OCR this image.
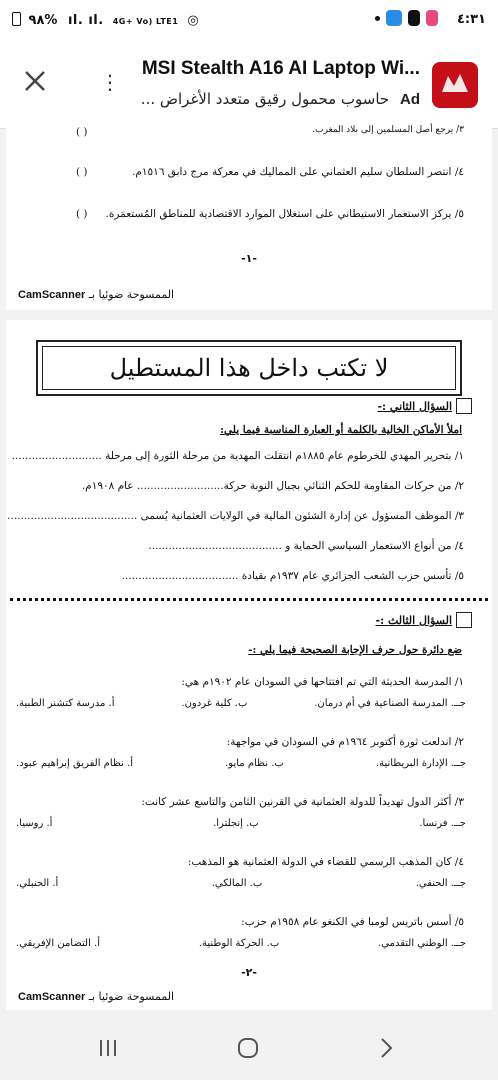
٩٨% ıl. ıl. 4G+ Vo) LTE1 ◎	٤:٣١
⋮
MSI Stealth A16 AI Laptop Wi...
Ad حاسوب محمول رقيق متعدد الأغراض ...
٣/ يرجع أصل المسلمين إلى بلاد المغرب.
( )
٤/ انتصر السلطان سليم العثماني على المماليك في معركة مرج دابق ١٥١٦م.
( )
٥/ يركز الاستعمار الاستيطاني على استغلال الموارد الاقتصادية للمناطق المُستعمَرة.
( )
-١-
الممسوحة ضوئيا بـ CamScanner
لا تكتب داخل هذا المستطيل
السؤال الثاني :-
املأ الأماكن الخالية بالكلمة أو العبارة المناسبة فيما يلي:
١/ بتحرير المهدي للخرطوم عام ١٨٨٥م انتقلت المهدية من مرحلة الثورة إلى مرحلة ...........................
٢/ من حركات المقاومة للحكم الثنائي بجبال النوبة حركة.......................... عام ١٩٠٨م.
٣/ الموظف المسؤول عن إدارة الشئون المالية في الولايات العثمانية يُسمى .......................................
٤/ من أنواع الاستعمار السياسي الحماية و ........................................
٥/ تأسس حزب الشعب الجزائري عام ١٩٣٧م بقيادة ...................................
السؤال الثالث :-
ضع دائرة حول حرف الإجابة الصحيحة فيما يلي :-
١/ المدرسة الحديثة التي تم افتتاحها في السودان عام ١٩٠٢م هي:
أ. مدرسة كتشنر الطبية.	ب. كلية غردون.	جــ. المدرسة الصناعية في أم درمان.
٢/ اندلعت ثورة أكتوبر ١٩٦٤م في السودان في مواجهة:
أ. نظام الفريق إبراهيم عبود.	ب. نظام مايو.	جــ. الإدارة البريطانية.
٣/ أكثر الدول تهديداً للدولة العثمانية في القرنين الثامن والتاسع عشر كانت:
أ. روسيا.	ب. إنجلترا.	جــ. فرنسا.
٤/ كان المذهب الرسمي للقضاء في الدولة العثمانية هو المذهب:
أ. الحنبلي.	ب. المالكي.	جــ. الحنفي.
٥/ أسس باتريس لومبا في الكنغو عام ١٩٥٨م حزب:
أ. التضامن الإفريقي.	ب. الحركة الوطنية.	جــ. الوطني التقدمي.
-٢-
الممسوحة ضوئيا بـ CamScanner
